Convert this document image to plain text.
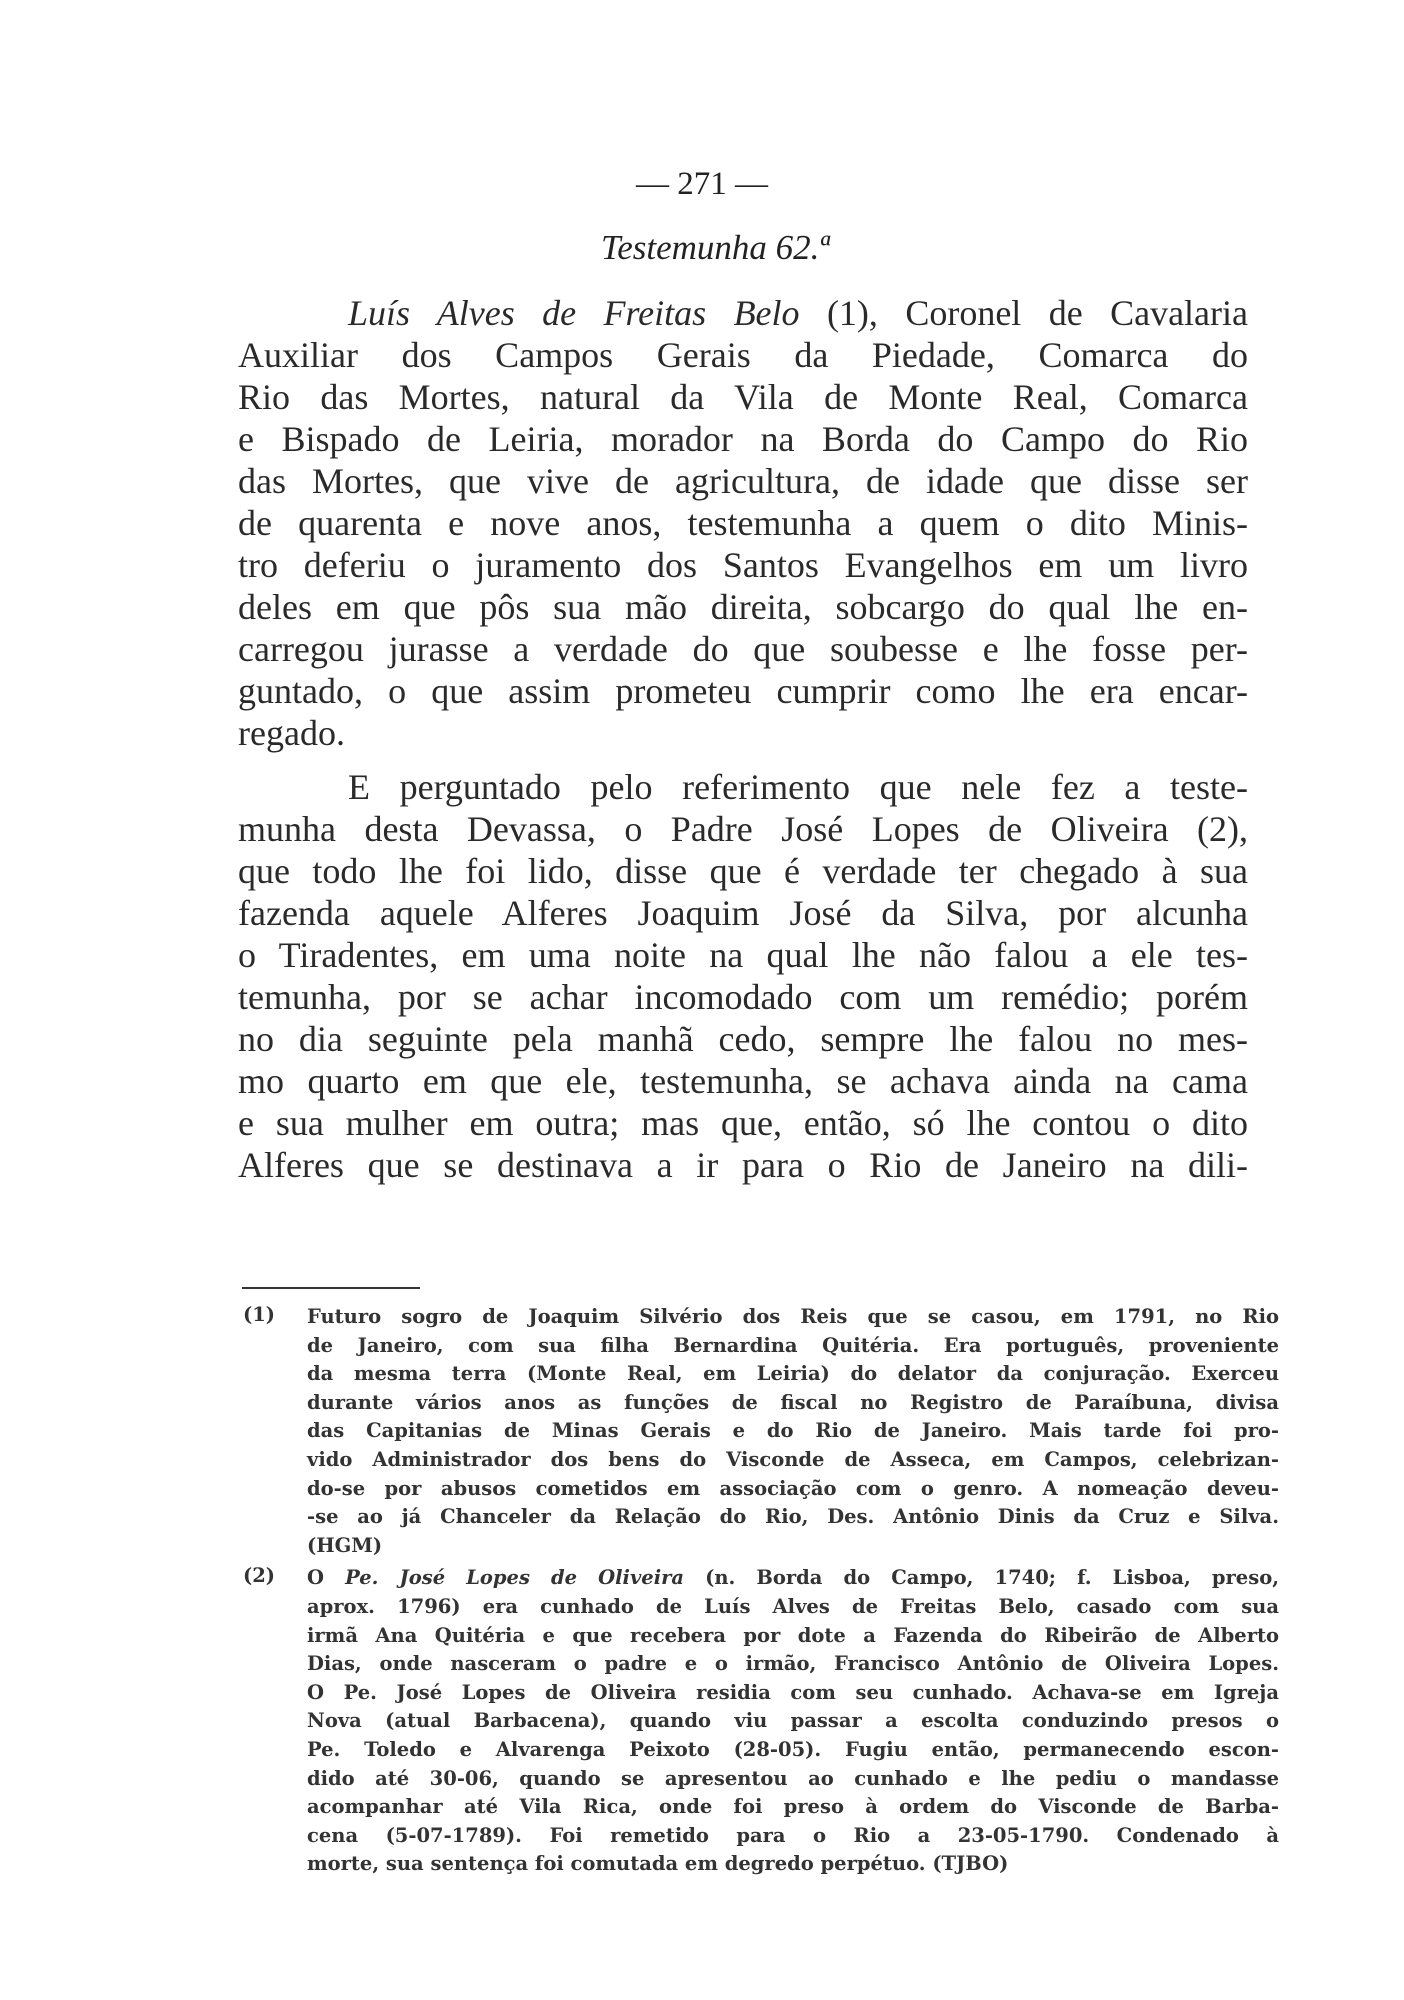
— 271 —
Testemunha 62.ª
Luís Alves de Freitas Belo (1), Coronel de Cavalaria
Auxiliar dos Campos Gerais da Piedade, Comarca do
Rio das Mortes, natural da Vila de Monte Real, Comarca
e Bispado de Leiria, morador na Borda do Campo do Rio
das Mortes, que vive de agricultura, de idade que disse ser
de quarenta e nove anos, testemunha a quem o dito Minis-
tro deferiu o juramento dos Santos Evangelhos em um livro
deles em que pôs sua mão direita, sobcargo do qual lhe en-
carregou jurasse a verdade do que soubesse e lhe fosse per-
guntado, o que assim prometeu cumprir como lhe era encar-
regado.
E perguntado pelo referimento que nele fez a teste-
munha desta Devassa, o Padre José Lopes de Oliveira (2),
que todo lhe foi lido, disse que é verdade ter chegado à sua
fazenda aquele Alferes Joaquim José da Silva, por alcunha
o Tiradentes, em uma noite na qual lhe não falou a ele tes-
temunha, por se achar incomodado com um remédio; porém
no dia seguinte pela manhã cedo, sempre lhe falou no mes-
mo quarto em que ele, testemunha, se achava ainda na cama
e sua mulher em outra; mas que, então, só lhe contou o dito
Alferes que se destinava a ir para o Rio de Janeiro na dili-
(1) Futuro sogro de Joaquim Silvério dos Reis que se casou, em 1791, no Rio
de Janeiro, com sua filha Bernardina Quitéria. Era português, proveniente
da mesma terra (Monte Real, em Leiria) do delator da conjuração. Exerceu
durante vários anos as funções de fiscal no Registro de Paraíbuna, divisa
das Capitanias de Minas Gerais e do Rio de Janeiro. Mais tarde foi pro-
vido Administrador dos bens do Visconde de Asseca, em Campos, celebrizan-
do-se por abusos cometidos em associação com o genro. A nomeação deveu-
-se ao já Chanceler da Relação do Rio, Des. Antônio Dinis da Cruz e Silva.
(HGM)
(2) O Pe. José Lopes de Oliveira (n. Borda do Campo, 1740; f. Lisboa, preso,
aprox. 1796) era cunhado de Luís Alves de Freitas Belo, casado com sua
irmã Ana Quitéria e que recebera por dote a Fazenda do Ribeirão de Alberto
Dias, onde nasceram o padre e o irmão, Francisco Antônio de Oliveira Lopes.
O Pe. José Lopes de Oliveira residia com seu cunhado. Achava-se em Igreja
Nova (atual Barbacena), quando viu passar a escolta conduzindo presos o
Pe. Toledo e Alvarenga Peixoto (28-05). Fugiu então, permanecendo escon-
dido até 30-06, quando se apresentou ao cunhado e lhe pediu o mandasse
acompanhar até Vila Rica, onde foi preso à ordem do Visconde de Barba-
cena (5-07-1789). Foi remetido para o Rio a 23-05-1790. Condenado à
morte, sua sentença foi comutada em degredo perpétuo. (TJBO)
